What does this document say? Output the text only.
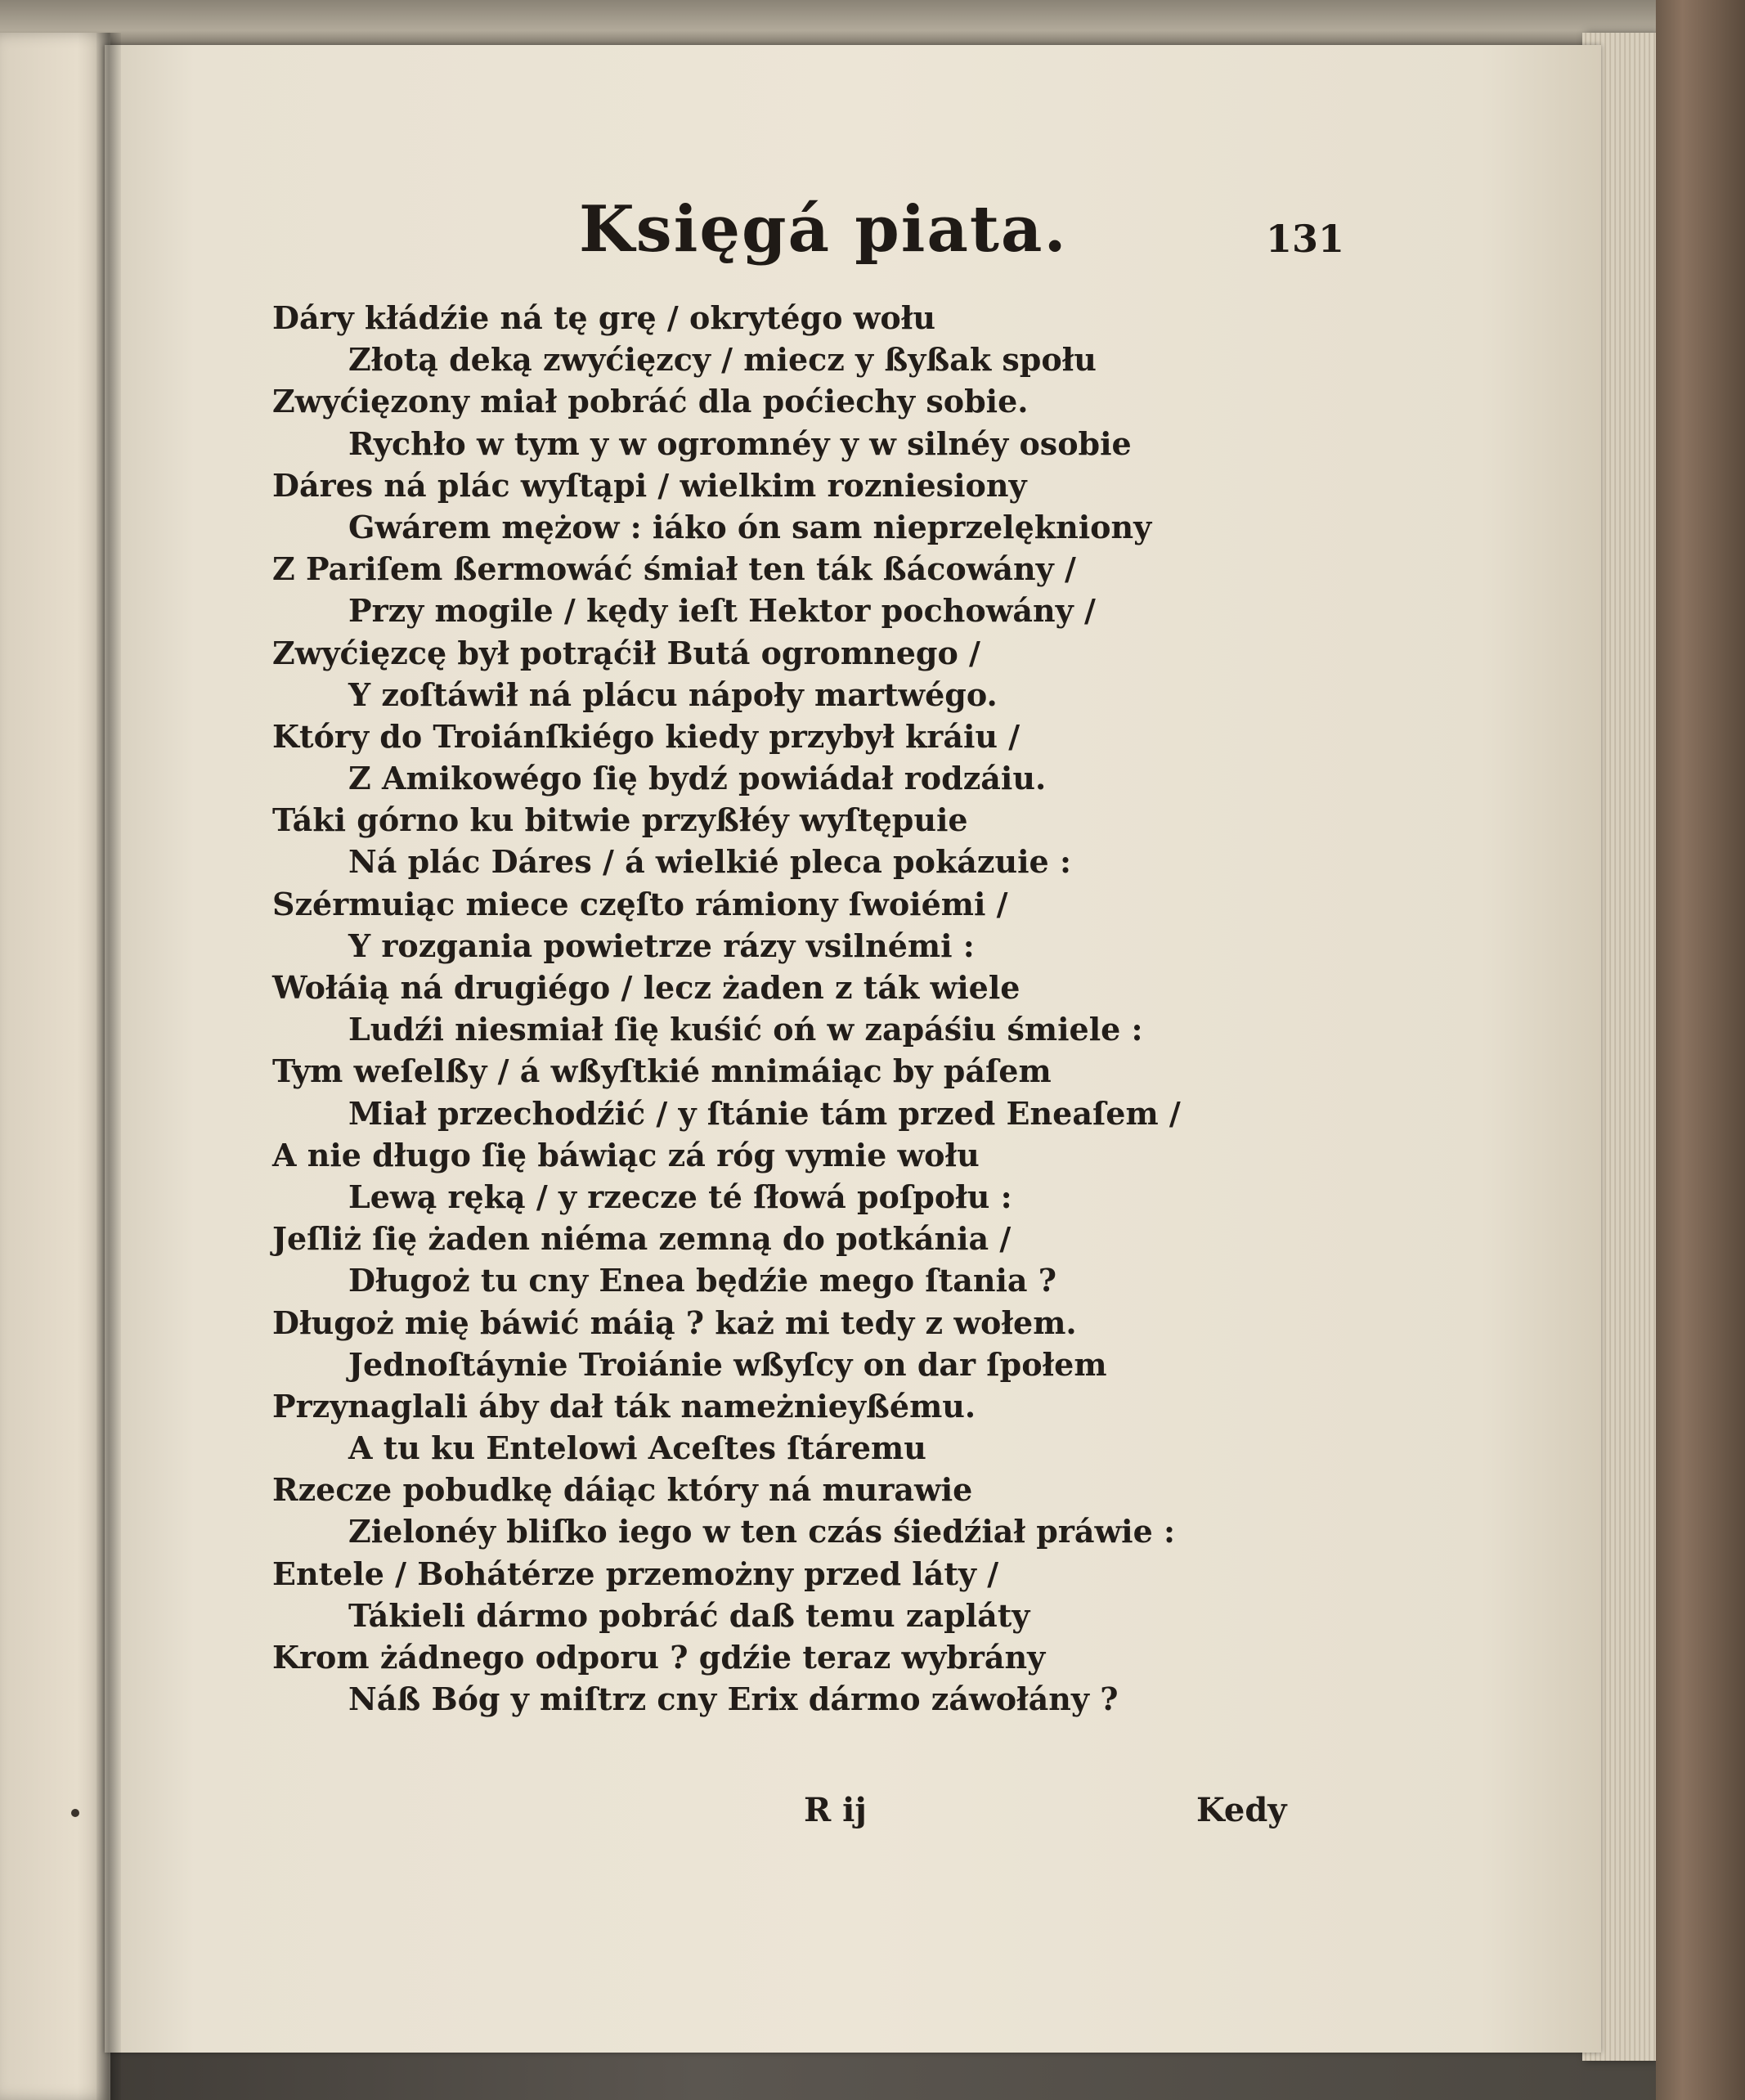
Księgá piata.	131
Dáry kłádźie ná tę grę / okrytégo wołu
Złotą deką zwyćięzcy / miecz y ßyßak społu
Zwyćięzony miał pobráć dla poćiechy sobie.
Rychło w tym y w ogromnéy y w silnéy osobie
Dáres ná plác wyſtąpi / wielkim rozniesiony
Gwárem mężow : iáko ón sam nieprzelękniony
Z Pariſem ßermowáć śmiał ten ták ßácowány /
Przy mogile / kędy ieſt Hektor pochowány /
Zwyćięzcę był potrąćił Butá ogromnego /
Y zoſtáwił ná plácu nápoły martwégo.
Który do Troiánſkiégo kiedy przybył kráiu /
Z Amikowégo ſię bydź powiádał rodzáiu.
Táki górno ku bitwie przyßłéy wyſtępuie
Ná plác Dáres / á wielkié pleca pokázuie :
Szérmuiąc miece częſto rámiony ſwoiémi /
Y rozgania powietrze rázy vsilnémi :
Wołáią ná drugiégo / lecz żaden z ták wiele
Ludźi niesmiał ſię kuśić oń w zapáśiu śmiele :
Tym weſelßy / á wßyſtkié mnimáiąc by páſem
Miał przechodźić / y ſtánie tám przed Eneaſem /
A nie długo ſię báwiąc zá róg vymie wołu
Lewą ręką / y rzecze té ſłowá poſpołu :
Jeſliż ſię żaden niéma zemną do potkánia /
Długoż tu cny Enea będźie mego ſtania ?
Długoż mię báwić máią ? każ mi tedy z wołem.
Jednoſtáynie Troiánie wßyſcy on dar ſpołem
Przynaglali áby dał ták nameżnieyßému.
A tu ku Entelowi Aceſtes ſtáremu
Rzecze pobudkę dáiąc który ná murawie
Zielonéy bliſko iego w ten czás śiedźiał práwie :
Entele / Bohátérze przemożny przed láty /
Tákieli dármo pobráć daß temu zapláty
Krom żádnego odporu ? gdźie teraz wybrány
Náß Bóg y miſtrz cny Erix dármo záwołány ?
R ij	Kedy
